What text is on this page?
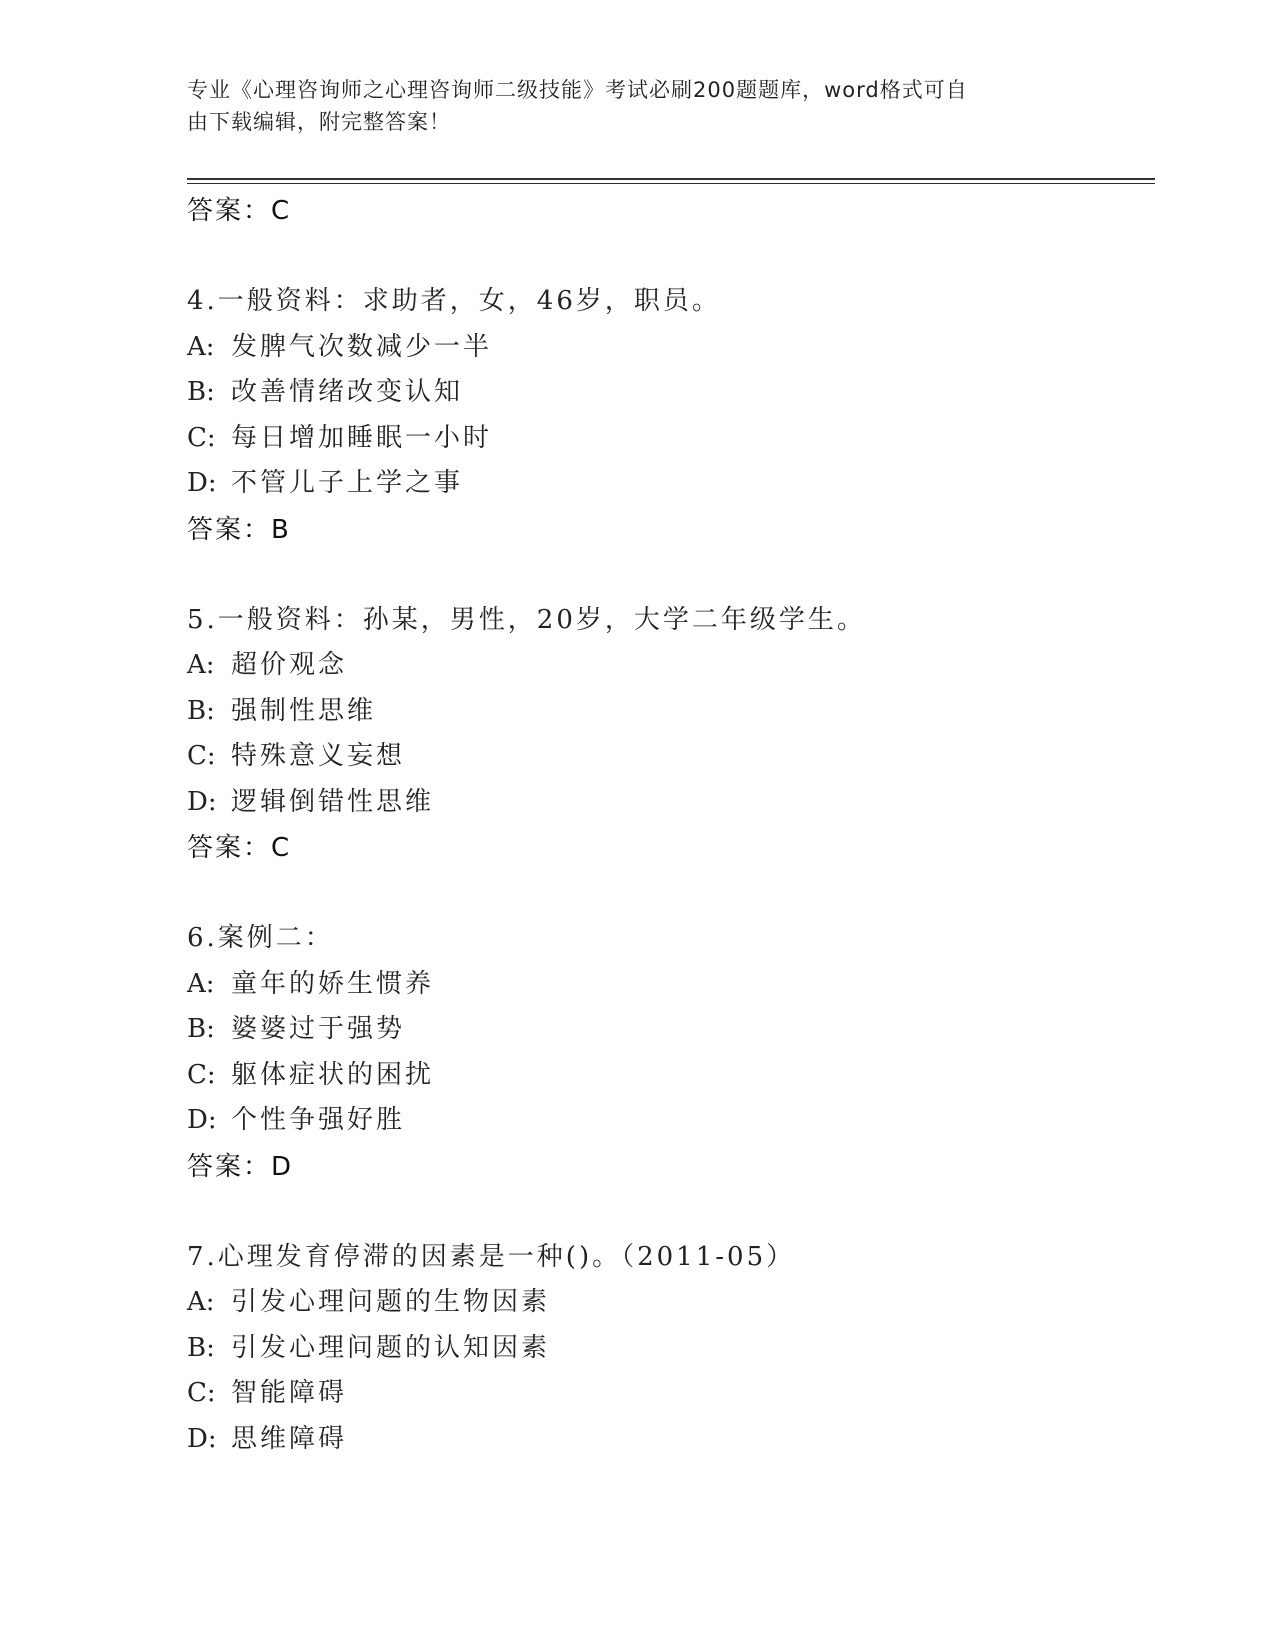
专业《心理咨询师之心理咨询师二级技能》考试必刷200题题库，word格式可自
由下载编辑，附完整答案！
答案：C
4.一般资料：求助者，女，46岁，职员。
A: 发脾气次数减少一半
B: 改善情绪改变认知
C: 每日增加睡眠一小时
D: 不管儿子上学之事
答案：B
5.一般资料：孙某，男性，20岁，大学二年级学生。
A: 超价观念
B: 强制性思维
C: 特殊意义妄想
D: 逻辑倒错性思维
答案：C
6.案例二：
A: 童年的娇生惯养
B: 婆婆过于强势
C: 躯体症状的困扰
D: 个性争强好胜
答案：D
7.心理发育停滞的因素是一种()。（2011-05）
A: 引发心理问题的生物因素
B: 引发心理问题的认知因素
C: 智能障碍
D: 思维障碍
